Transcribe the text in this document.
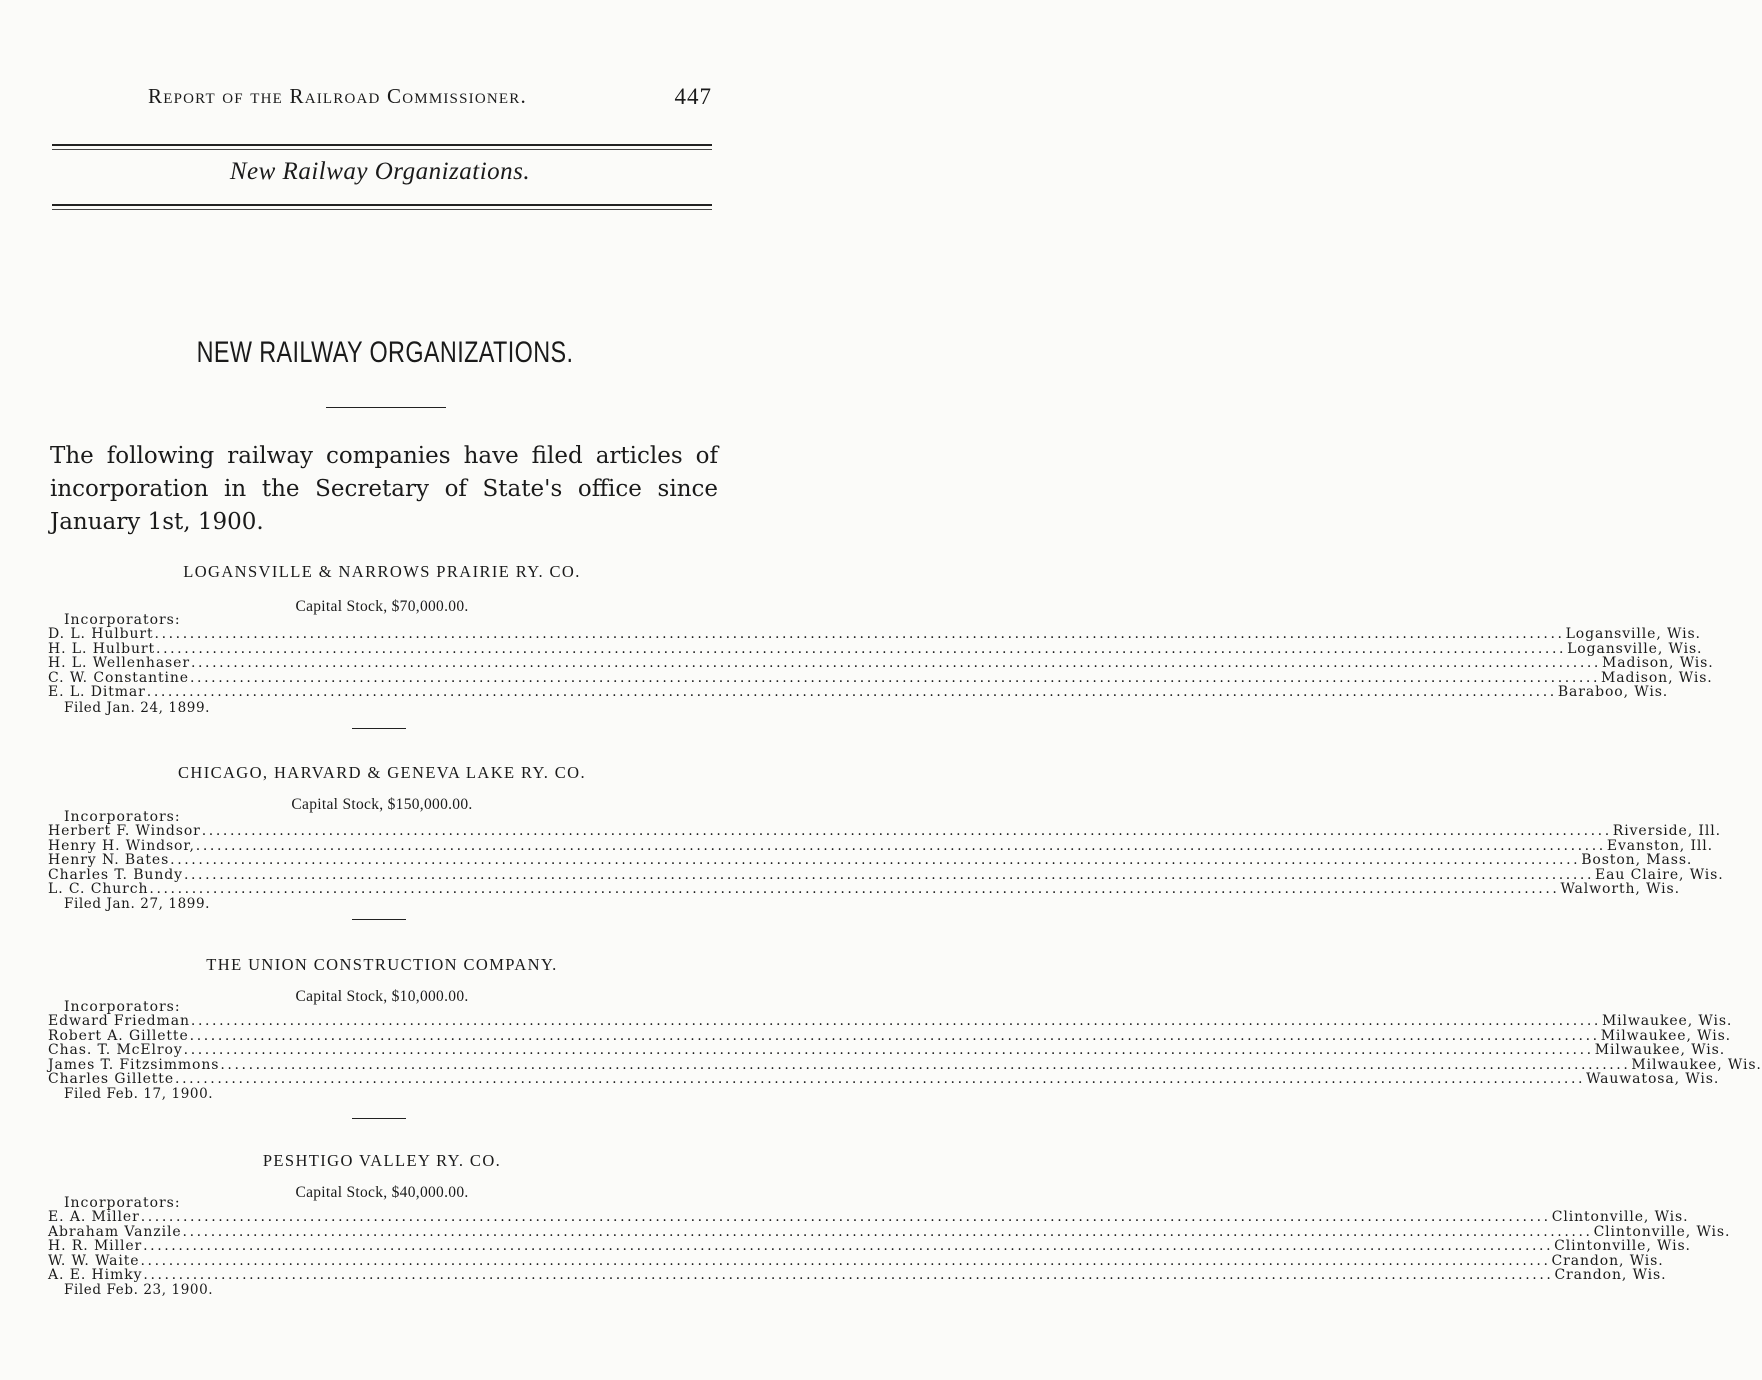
Report of the Railroad Commissioner.	447
New Railway Organizations.
NEW RAILWAY ORGANIZATIONS.
The following railway companies have filed articles of incorporation in the Secretary of State's office since January 1st, 1900.
LOGANSVILLE & NARROWS PRAIRIE RY. CO.
Capital Stock, $70,000.00.
Incorporators:
D. L. Hulburt ........................................................................................................................................................................................................ Logansville, Wis.
H. L. Hulburt ........................................................................................................................................................................................................ Logansville, Wis.
H. L. Wellenhaser ........................................................................................................................................................................................................ Madison, Wis.
C. W. Constantine ........................................................................................................................................................................................................ Madison, Wis.
E. L. Ditmar ........................................................................................................................................................................................................ Baraboo, Wis.
Filed Jan. 24, 1899.
CHICAGO, HARVARD & GENEVA LAKE RY. CO.
Capital Stock, $150,000.00.
Incorporators:
Herbert F. Windsor ........................................................................................................................................................................................................ Riverside, Ill.
Henry H. Windsor, ........................................................................................................................................................................................................ Evanston, Ill.
Henry N. Bates ........................................................................................................................................................................................................ Boston, Mass.
Charles T. Bundy ........................................................................................................................................................................................................ Eau Claire, Wis.
L. C. Church ........................................................................................................................................................................................................ Walworth, Wis.
Filed Jan. 27, 1899.
THE UNION CONSTRUCTION COMPANY.
Capital Stock, $10,000.00.
Incorporators:
Edward Friedman ........................................................................................................................................................................................................ Milwaukee, Wis.
Robert A. Gillette ........................................................................................................................................................................................................ Milwaukee, Wis.
Chas. T. McElroy ........................................................................................................................................................................................................ Milwaukee, Wis.
James T. Fitzsimmons ........................................................................................................................................................................................................ Milwaukee, Wis.
Charles Gillette ........................................................................................................................................................................................................ Wauwatosa, Wis.
Filed Feb. 17, 1900.
PESHTIGO VALLEY RY. CO.
Capital Stock, $40,000.00.
Incorporators:
E. A. Miller ........................................................................................................................................................................................................ Clintonville, Wis.
Abraham Vanzile ........................................................................................................................................................................................................ Clintonville, Wis.
H. R. Miller ........................................................................................................................................................................................................ Clintonville, Wis.
W. W. Waite ........................................................................................................................................................................................................ Crandon, Wis.
A. E. Himky ........................................................................................................................................................................................................ Crandon, Wis.
Filed Feb. 23, 1900.
